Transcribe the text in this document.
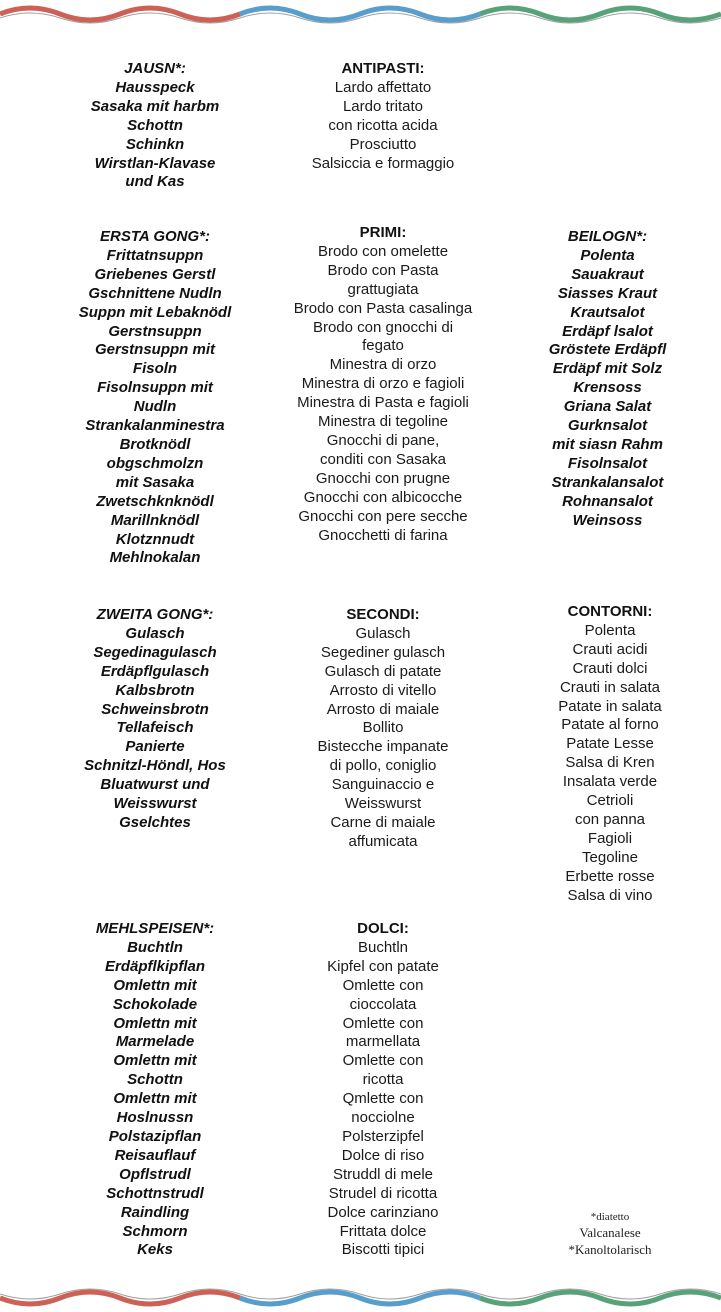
JAUSN*:
Hausspeck
Sasaka mit harbm
Schottn
Schinkn
Wirstlan-Klavase
und Kas
ANTIPASTI:
Lardo affettato
Lardo tritato
con ricotta acida
Prosciutto
Salsiccia e formaggio
ERSTA GONG*:
Frittatnsuppn
Griebenes Gerstl
Gschnittene Nudln
Suppn mit Lebaknödl
Gerstnsuppn
Gerstnsuppn mit
Fisoln
Fisolnsuppn mit
Nudln
Strankalanminestra
Brotknödl
obgschmolzn
mit Sasaka
Zwetschknknödl
Marillnknödl
Klotznnudt
Mehlnokalan
PRIMI:
Brodo con omelette
Brodo con Pasta
grattugiata
Brodo con Pasta casalinga
Brodo con gnocchi di
fegato
Minestra di orzo
Minestra di orzo e fagioli
Minestra di Pasta e fagioli
Minestra di tegoline
Gnocchi di pane,
conditi con Sasaka
Gnocchi con prugne
Gnocchi con albicocche
Gnocchi con pere secche
Gnocchetti di farina
BEILOGN*:
Polenta
Sauakraut
Siasses Kraut
Krautsalot
Erdäpf lsalot
Gröstete Erdäpfl
Erdäpf mit Solz
Krensoss
Griana Salat
Gurknsalot
mit siasn Rahm
Fisolnsalot
Strankalansalot
Rohnansalot
Weinsoss
ZWEITA GONG*:
Gulasch
Segedinagulasch
Erdäpflgulasch
Kalbsbrotn
Schweinsbrotn
Tellafeisch
Panierte
Schnitzl-Höndl, Hos
Bluatwurst und
Weisswurst
Gselchtes
SECONDI:
Gulasch
Segediner gulasch
Gulasch di patate
Arrosto di vitello
Arrosto di maiale
Bollito
Bistecche impanate
di pollo, coniglio
Sanguinaccio e
Weisswurst
Carne di maiale
affumicata
CONTORNI:
Polenta
Crauti acidi
Crauti dolci
Crauti in salata
Patate in salata
Patate al forno
Patate Lesse
Salsa di Kren
Insalata verde
Cetrioli
con panna
Fagioli
Tegoline
Erbette rosse
Salsa di vino
MEHLSPEISEN*:
Buchtln
Erdäpflkipflan
Omlettn mit
Schokolade
Omlettn mit
Marmelade
Omlettn mit
Schottn
Omlettn mit
Hoslnussn
Polstazipflan
Reisauflauf
Opflstrudl
Schottnstrudl
Raindling
Schmorn
Keks
DOLCI:
Buchtln
Kipfel con patate
Omlette con
cioccolata
Omlette con
marmellata
Omlette con
ricotta
Qmlette con
nocciolne
Polsterzipfel
Dolce di riso
Struddl di mele
Strudel di ricotta
Dolce carinziano
Frittata dolce
Biscotti tipici
*diatetto
Valcanalese
*Kanoltolarisch
